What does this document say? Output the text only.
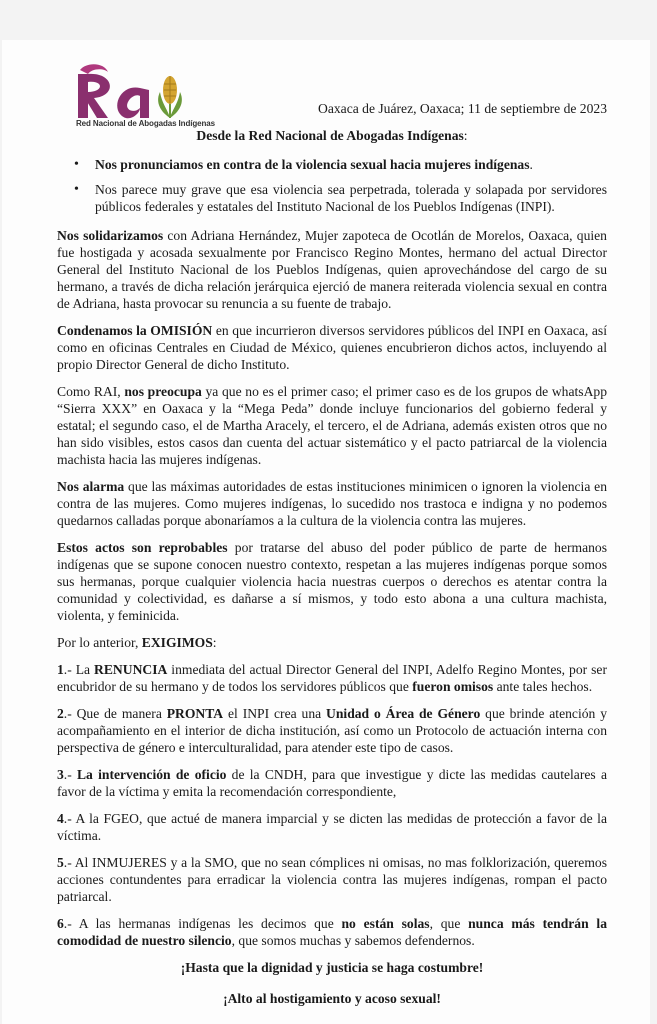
Red Nacional de Abogadas Indígenas

Oaxaca de Juárez, Oaxaca; 11 de septiembre de 2023

Desde la Red Nacional de Abogadas Indígenas:

• Nos pronunciamos en contra de la violencia sexual hacia mujeres indígenas.
• Nos parece muy grave que esa violencia sea perpetrada, tolerada y solapada por servidores públicos federales y estatales del Instituto Nacional de los Pueblos Indígenas (INPI).

Nos solidarizamos con Adriana Hernández, Mujer zapoteca de Ocotlán de Morelos, Oaxaca, quien fue hostigada y acosada sexualmente por Francisco Regino Montes, hermano del actual Director General del Instituto Nacional de los Pueblos Indígenas, quien aprovechándose del cargo de su hermano, a través de dicha relación jerárquica ejerció de manera reiterada violencia sexual en contra de Adriana, hasta provocar su renuncia a su fuente de trabajo.

Condenamos la OMISIÓN en que incurrieron diversos servidores públicos del INPI en Oaxaca, así como en oficinas Centrales en Ciudad de México, quienes encubrieron dichos actos, incluyendo al propio Director General de dicho Instituto.

Como RAI, nos preocupa ya que no es el primer caso; el primer caso es de los grupos de whatsApp “Sierra XXX” en Oaxaca y la “Mega Peda” donde incluye funcionarios del gobierno federal y estatal; el segundo caso, el de Martha Aracely, el tercero, el de Adriana, además existen otros que no han sido visibles, estos casos dan cuenta del actuar sistemático y el pacto patriarcal de la violencia machista hacia las mujeres indígenas.

Nos alarma que las máximas autoridades de estas instituciones minimicen o ignoren la violencia en contra de las mujeres. Como mujeres indígenas, lo sucedido nos trastoca e indigna y no podemos quedarnos calladas porque abonaríamos a la cultura de la violencia contra las mujeres.

Estos actos son reprobables por tratarse del abuso del poder público de parte de hermanos indígenas que se supone conocen nuestro contexto, respetan a las mujeres indígenas porque somos sus hermanas, porque cualquier violencia hacia nuestras cuerpos o derechos es atentar contra la comunidad y colectividad, es dañarse a sí mismos, y todo esto abona a una cultura machista, violenta, y feminicida.

Por lo anterior, EXIGIMOS:

1.- La RENUNCIA inmediata del actual Director General del INPI, Adelfo Regino Montes, por ser encubridor de su hermano y de todos los servidores públicos que fueron omisos ante tales hechos.

2.- Que de manera PRONTA el INPI crea una Unidad o Área de Género que brinde atención y acompañamiento en el interior de dicha institución, así como un Protocolo de actuación interna con perspectiva de género e interculturalidad, para atender este tipo de casos.

3.- La intervención de oficio de la CNDH, para que investigue y dicte las medidas cautelares a favor de la víctima y emita la recomendación correspondiente,

4.- A la FGEO, que actué de manera imparcial y se dicten las medidas de protección a favor de la víctima.

5.- Al INMUJERES y a la SMO, que no sean cómplices ni omisas, no mas folklorización, queremos acciones contundentes para erradicar la violencia contra las mujeres indígenas, rompan el pacto patriarcal.

6.- A las hermanas indígenas les decimos que no están solas, que nunca más tendrán la comodidad de nuestro silencio, que somos muchas y sabemos defendernos.

¡Hasta que la dignidad y justicia se haga costumbre!

¡Alto al hostigamiento y acoso sexual!
